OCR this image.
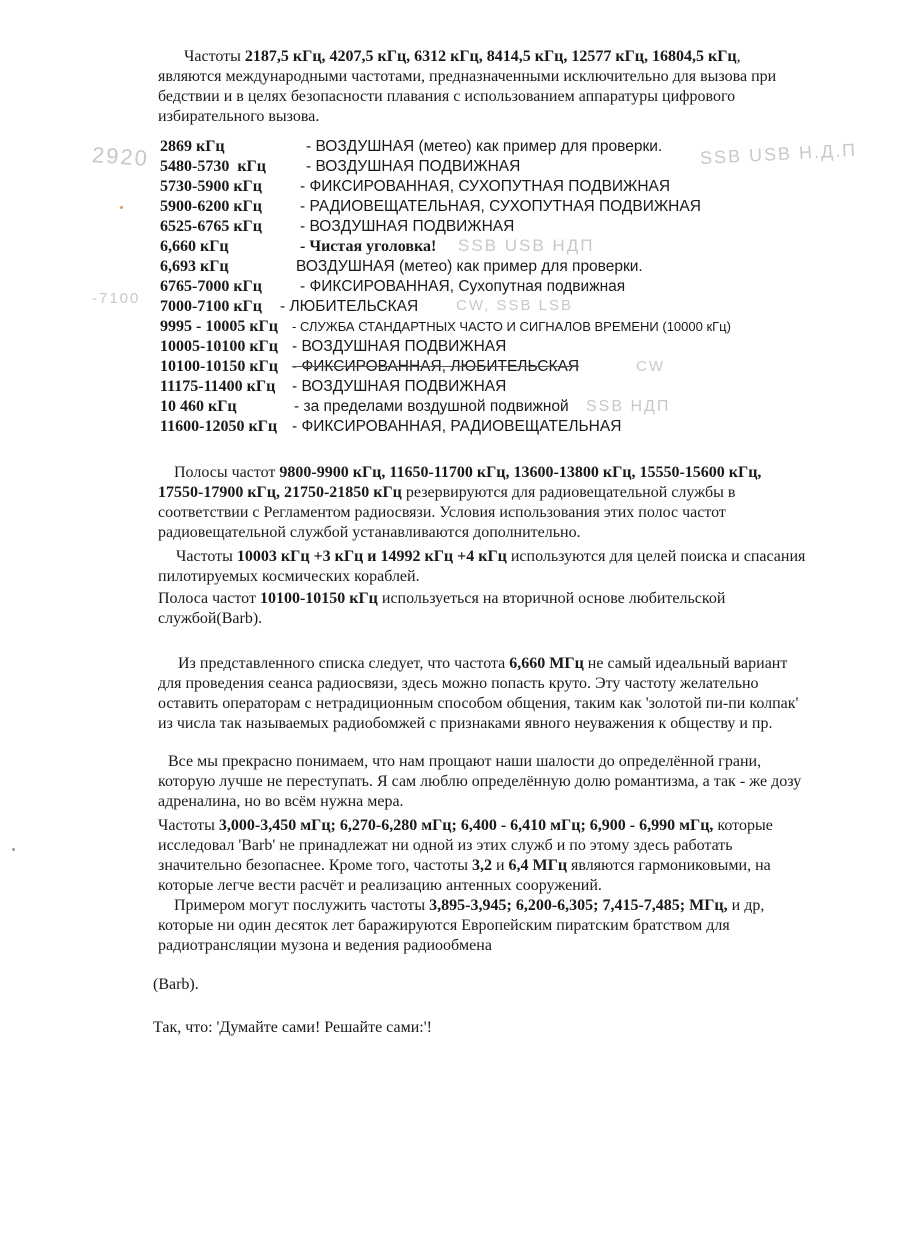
Частоты 2187,5 кГц, 4207,5 кГц, 6312 кГц, 8414,5 кГц, 12577 кГц, 16804,5 кГц, являются международными частотами, предназначенными исключительно для вызова при бедствии и в целях безопасности плавания с использованием аппаратуры цифрового избирательного вызова.

2869 кГц	- ВОЗДУШНАЯ (метео) как пример для проверки.
5480-5730  кГц	- ВОЗДУШНАЯ ПОДВИЖНАЯ
5730-5900 кГц - ФИКСИРОВАННАЯ, СУХОПУТНАЯ ПОДВИЖНАЯ
5900-6200 кГц - РАДИОВЕЩАТЕЛЬНАЯ, СУХОПУТНАЯ ПОДВИЖНАЯ
6525-6765 кГц - ВОЗДУШНАЯ ПОДВИЖНАЯ
6,660 кГц	- Чистая уголовка!
6,693 кГц	ВОЗДУШНАЯ (метео) как пример для проверки.
6765-7000 кГц - ФИКСИРОВАННАЯ, Сухопутная подвижная
7000-7100 кГц - ЛЮБИТЕЛЬСКАЯ
9995 - 10005 кГц - СЛУЖБА СТАНДАРТНЫХ ЧАСТО И СИГНАЛОВ ВРЕМЕНИ (10000 кГц)
10005-10100 кГц - ВОЗДУШНАЯ ПОДВИЖНАЯ
10100-10150 кГц - ФИКСИРОВАННАЯ, ЛЮБИТЕЛЬСКАЯ
11175-11400 кГц - ВОЗДУШНАЯ ПОДВИЖНАЯ
10 460 кГц	- за пределами воздушной подвижной
11600-12050 кГц - ФИКСИРОВАННАЯ, РАДИОВЕЩАТЕЛЬНАЯ
2920
-7100
SSB USB H.Д.П
SSB USB НДП
CW, SSB LSB
CW
SSB НДП

Полосы частот 9800-9900 кГц, 11650-11700 кГц, 13600-13800 кГц, 15550-15600 кГц, 17550-17900 кГц, 21750-21850 кГц резервируются для радиовещательной службы в соответствии с Регламентом радиосвязи. Условия использования этих полос частот радиовещательной службой устанавливаются дополнительно.

Частоты 10003 кГц +3 кГц и 14992 кГц +4 кГц используются для целей поиска и спасания пилотируемых космических кораблей.

Полоса частот 10100-10150 кГц используеться на вторичной основе любительской службой(Barb).

Из представленного списка следует, что частота 6,660 МГц не самый идеальный вариант для проведения сеанса радиосвязи, здесь можно попасть круто. Эту частоту желательно оставить операторам с нетрадиционным способом общения, таким как 'золотой пи-пи колпак' из числа так называемых радиобомжей с признаками явного неуважения к обществу и пр.

Все мы прекрасно понимаем, что нам прощают наши шалости до определённой грани, которую лучше не переступать. Я сам люблю определённую долю романтизма, а так - же дозу адреналина, но во всём нужна мера.

Частоты 3,000-3,450 мГц; 6,270-6,280 мГц; 6,400 - 6,410 мГц; 6,900 - 6,990 мГц, которые исследовал 'Barb' не принадлежат ни одной из этих служб и по этому здесь работать значительно безопаснее. Кроме того, частоты 3,2 и 6,4 МГц являются гармониковыми, на которые легче вести расчёт и реализацию антенных сооружений.

Примером могут послужить частоты 3,895-3,945; 6,200-6,305; 7,415-7,485; МГц, и др, которые ни один десяток лет баражируются Европейским пиратским братством для радиотрансляции музона и ведения радиообмена

(Barb).

Так, что: 'Думайте сами! Решайте сами:'!
